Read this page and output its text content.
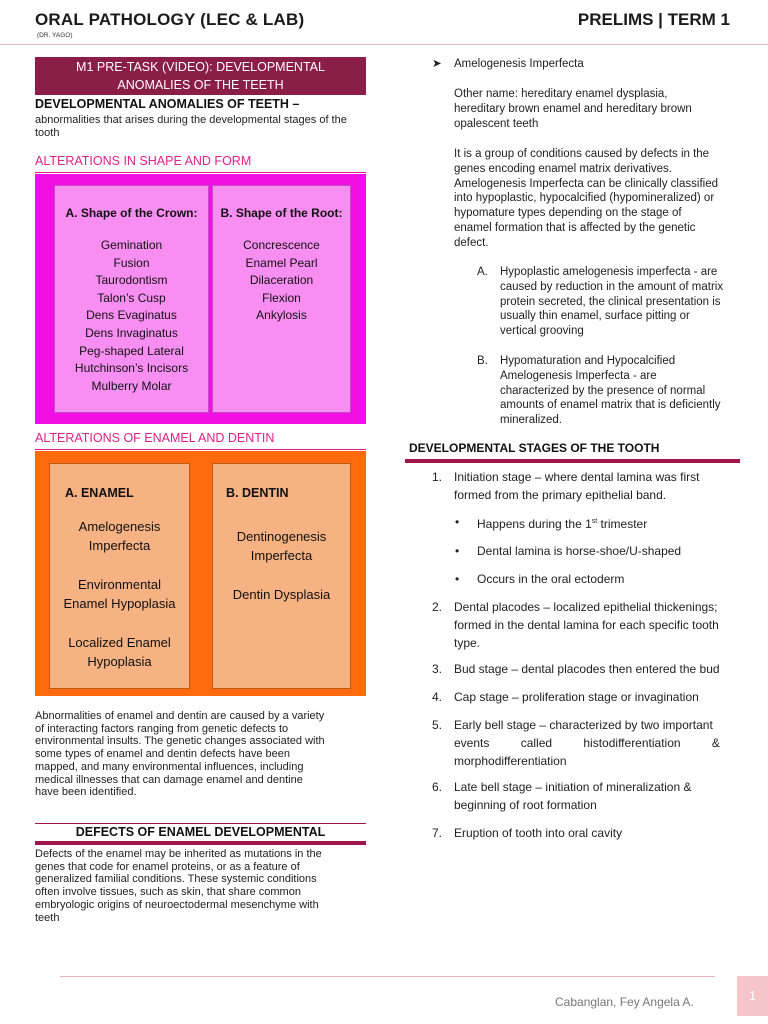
ORAL PATHOLOGY (LEC & LAB)
(DR. YAGO)
PRELIMS | TERM 1
M1 PRE-TASK (VIDEO): DEVELOPMENTAL
ANOMALIES OF THE TEETH
DEVELOPMENTAL ANOMALIES OF TEETH –
abnormalities that arises during the developmental stages of the tooth
ALTERATIONS IN SHAPE AND FORM
A. Shape of the Crown:
Gemination
Fusion
Taurodontism
Talon’s Cusp
Dens Evaginatus
Dens Invaginatus
Peg-shaped Lateral
Hutchinson’s Incisors
Mulberry Molar
B. Shape of the Root:
Concrescence
Enamel Pearl
Dilaceration
Flexion
Ankylosis
ALTERATIONS OF ENAMEL AND DENTIN
A. ENAMEL
Amelogenesis
Imperfecta
Environmental
Enamel Hypoplasia
Localized Enamel
Hypoplasia
B. DENTIN
Dentinogenesis
Imperfecta
Dentin Dysplasia
Abnormalities of enamel and dentin are caused by a variety
of interacting factors ranging from genetic defects to
environmental insults. The genetic changes associated with
some types of enamel and dentin defects have been
mapped, and many environmental influences, including
medical illnesses that can damage enamel and dentine
have been identified.
DEFECTS OF ENAMEL DEVELOPMENTAL
Defects of the enamel may be inherited as mutations in the
genes that code for enamel proteins, or as a feature of
generalized familial conditions. These systemic conditions
often involve tissues, such as skin, that share common
embryologic origins of neuroectodermal mesenchyme with
teeth
➤ Amelogenesis Imperfecta
Other name: hereditary enamel dysplasia,
hereditary brown enamel and hereditary brown
opalescent teeth
It is a group of conditions caused by defects in the
genes encoding enamel matrix derivatives.
Amelogenesis Imperfecta can be clinically classified
into hypoplastic, hypocalcified (hypomineralized) or
hypomature types depending on the stage of
enamel formation that is affected by the genetic
defect.
A. Hypoplastic amelogenesis imperfecta - are
caused by reduction in the amount of matrix
protein secreted, the clinical presentation is
usually thin enamel, surface pitting or
vertical grooving
B. Hypomaturation and Hypocalcified
Amelogenesis Imperfecta - are
characterized by the presence of normal
amounts of enamel matrix that is deficiently
mineralized.
DEVELOPMENTAL STAGES OF THE TOOTH
1. Initiation stage – where dental lamina was first
formed from the primary epithelial band.
• Happens during the 1st trimester
• Dental lamina is horse-shoe/U-shaped
• Occurs in the oral ectoderm
2. Dental placodes – localized epithelial thickenings;
formed in the dental lamina for each specific tooth
type.
3. Bud stage – dental placodes then entered the bud
4. Cap stage – proliferation stage or invagination
5. Early bell stage – characterized by two important
events called histodifferentiation &
morphodifferentiation
6. Late bell stage – initiation of mineralization &
beginning of root formation
7. Eruption of tooth into oral cavity
Cabanglan, Fey Angela A.	1
